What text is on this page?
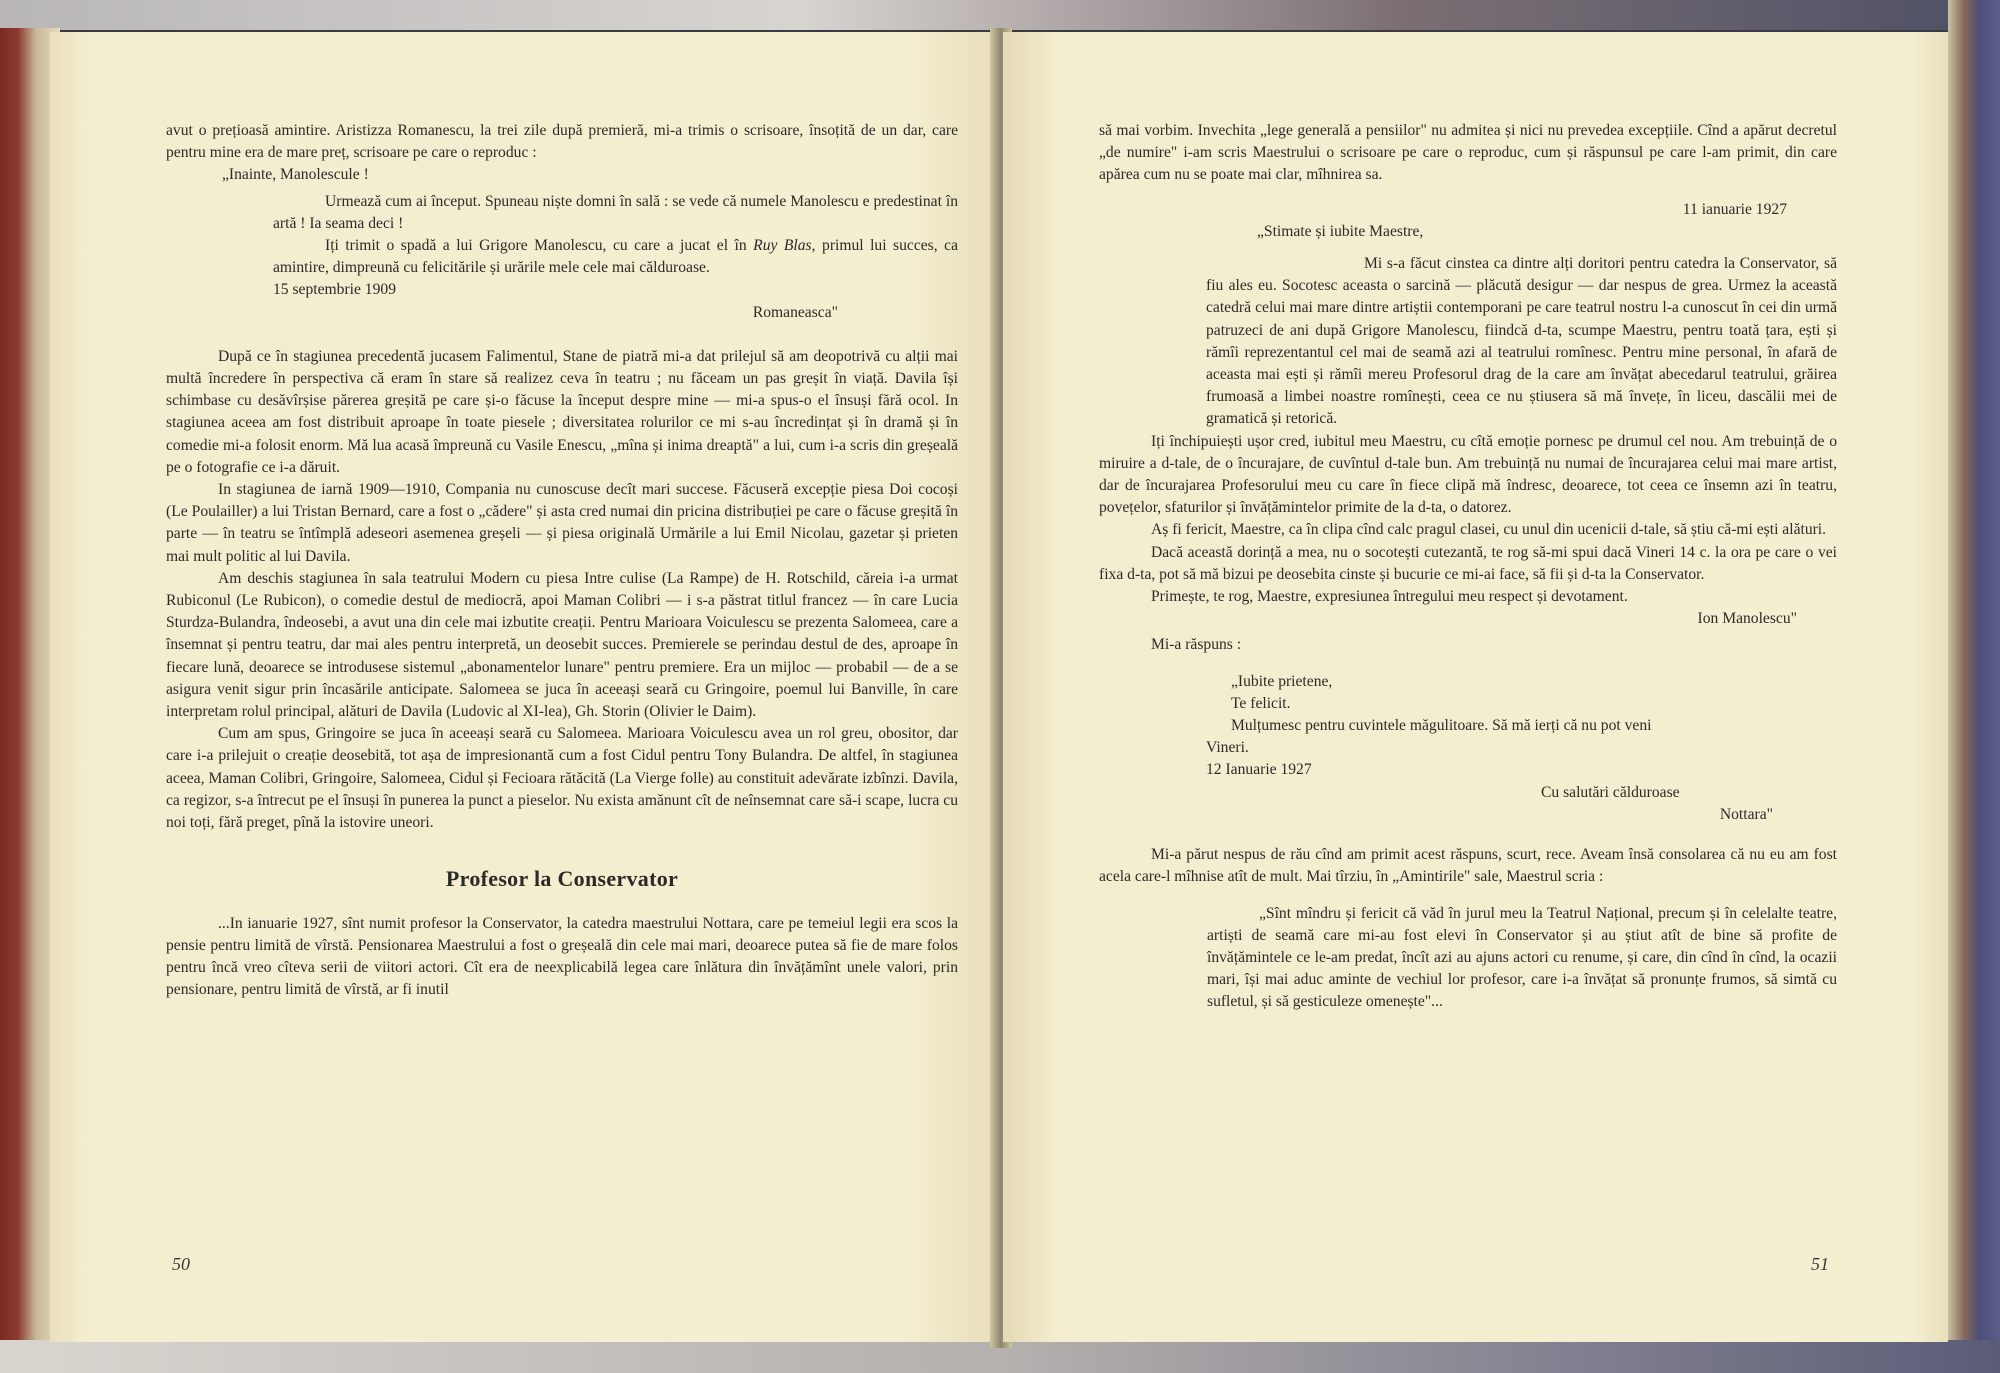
avut o prețioasă amintire. Aristizza Romanescu, la trei zile după premieră, mi-a trimis o scrisoare, însoțită de un dar, care pentru mine era de mare preț, scrisoare pe care o reproduc :

„Inainte, Manolescule !

Urmează cum ai început. Spuneau niște domni în sală : se vede că numele Manolescu e predestinat în artă ! Ia seama deci !

Iți trimit o spadă a lui Grigore Manolescu, cu care a jucat el în Ruy Blas, primul lui succes, ca amintire, dimpreună cu felicitările și urările mele cele mai călduroase.

15 septembrie 1909

Romaneasca"

După ce în stagiunea precedentă jucasem Falimentul, Stane de piatră mi-a dat prilejul să am deopotrivă cu alții mai multă încredere în perspectiva că eram în stare să realizez ceva în teatru ; nu făceam un pas greșit în viață. Davila își schimbase cu desăvîrșise părerea greșită pe care și-o făcuse la început despre mine — mi-a spus-o el însuși fără ocol. In stagiunea aceea am fost distribuit aproape în toate piesele ; diversitatea rolurilor ce mi s-au încredințat și în dramă și în comedie mi-a folosit enorm. Mă lua acasă împreună cu Vasile Enescu, „mîna și inima dreaptă" a lui, cum i-a scris din greșeală pe o fotografie ce i-a dăruit.

In stagiunea de iarnă 1909—1910, Compania nu cunoscuse decît mari succese. Făcuseră excepție piesa Doi cocoși (Le Poulailler) a lui Tristan Bernard, care a fost o „cădere" și asta cred numai din pricina distribuției pe care o făcuse greșită în parte — în teatru se întîmplă adeseori asemenea greșeli — și piesa originală Urmările a lui Emil Nicolau, gazetar și prieten mai mult politic al lui Davila.

Am deschis stagiunea în sala teatrului Modern cu piesa Intre culise (La Rampe) de H. Rotschild, căreia i-a urmat Rubiconul (Le Rubicon), o comedie destul de mediocră, apoi Maman Colibri — i s-a păstrat titlul francez — în care Lucia Sturdza-Bulandra, îndeosebi, a avut una din cele mai izbutite creații. Pentru Marioara Voiculescu se prezenta Salomeea, care a însemnat și pentru teatru, dar mai ales pentru interpretă, un deosebit succes. Premierele se perindau destul de des, aproape în fiecare lună, deoarece se introdusese sistemul „abonamentelor lunare" pentru premiere. Era un mijloc — probabil — de a se asigura venit sigur prin încasările anticipate. Salomeea se juca în aceeași seară cu Gringoire, poemul lui Banville, în care interpretam rolul principal, alături de Davila (Ludovic al XI-lea), Gh. Storin (Olivier le Daim).

Cum am spus, Gringoire se juca în aceeași seară cu Salomeea. Marioara Voiculescu avea un rol greu, obositor, dar care i-a prilejuit o creație deosebită, tot așa de impresionantă cum a fost Cidul pentru Tony Bulandra. De altfel, în stagiunea aceea, Maman Colibri, Gringoire, Salomeea, Cidul și Fecioara rătăcită (La Vierge folle) au constituit adevărate izbînzi. Davila, ca regizor, s-a întrecut pe el însuși în punerea la punct a pieselor. Nu exista amănunt cît de neînsemnat care să-i scape, lucra cu noi toți, fără preget, pînă la istovire uneori.

Profesor la Conservator

...In ianuarie 1927, sînt numit profesor la Conservator, la catedra maestrului Nottara, care pe temeiul legii era scos la pensie pentru limită de vîrstă. Pensionarea Maestrului a fost o greșeală din cele mai mari, deoarece putea să fie de mare folos pentru încă vreo cîteva serii de viitori actori. Cît era de neexplicabilă legea care înlătura din învățămînt unele valori, prin pensionare, pentru limită de vîrstă, ar fi inutil

50

să mai vorbim. Invechita „lege generală a pensiilor" nu admitea și nici nu prevedea excepțiile. Cînd a apărut decretul „de numire" i-am scris Maestrului o scrisoare pe care o reproduc, cum și răspunsul pe care l-am primit, din care apărea cum nu se poate mai clar, mîhnirea sa.

11 ianuarie 1927

„Stimate și iubite Maestre,

Mi s-a făcut cinstea ca dintre alți doritori pentru catedra la Conservator, să fiu ales eu. Socotesc aceasta o sarcină — plăcută desigur — dar nespus de grea. Urmez la această catedră celui mai mare dintre artiștii contemporani pe care teatrul nostru l-a cunoscut în cei din urmă patruzeci de ani după Grigore Manolescu, fiindcă d-ta, scumpe Maestru, pentru toată țara, ești și rămîi reprezentantul cel mai de seamă azi al teatrului romînesc. Pentru mine personal, în afară de aceasta mai ești și rămîi mereu Profesorul drag de la care am învățat abecedarul teatrului, grăirea frumoasă a limbei noastre romînești, ceea ce nu știusera să mă învețe, în liceu, dascălii mei de gramatică și retorică.

Iți închipuiești ușor cred, iubitul meu Maestru, cu cîtă emoție pornesc pe drumul cel nou. Am trebuință de o miruire a d-tale, de o încurajare, de cuvîntul d-tale bun. Am trebuință nu numai de încurajarea celui mai mare artist, dar de încurajarea Profesorului meu cu care în fiece clipă mă îndresc, deoarece, tot ceea ce însemn azi în teatru, povețelor, sfaturilor și învățămintelor primite de la d-ta, o datorez.

Aș fi fericit, Maestre, ca în clipa cînd calc pragul clasei, cu unul din ucenicii d-tale, să știu că-mi ești alături.

Dacă această dorință a mea, nu o socotești cutezantă, te rog să-mi spui dacă Vineri 14 c. la ora pe care o vei fixa d-ta, pot să mă bizui pe deosebita cinste și bucurie ce mi-ai face, să fii și d-ta la Conservator.

Primește, te rog, Maestre, expresiunea întregului meu respect și devotament.

Ion Manolescu"

Mi-a răspuns :

„Iubite prietene,

Te felicit.

Mulțumesc pentru cuvintele măgulitoare. Să mă ierți că nu pot veni

Vineri.

12 Ianuarie 1927

Cu salutări călduroase

Nottara"

Mi-a părut nespus de rău cînd am primit acest răspuns, scurt, rece. Aveam însă consolarea că nu eu am fost acela care-l mîhnise atît de mult. Mai tîrziu, în „Amintirile" sale, Maestrul scria :

„Sînt mîndru și fericit că văd în jurul meu la Teatrul Național, precum și în celelalte teatre, artiști de seamă care mi-au fost elevi în Conservator și au știut atît de bine să profite de învățămintele ce le-am predat, încît azi au ajuns actori cu renume, și care, din cînd în cînd, la ocazii mari, își mai aduc aminte de vechiul lor profesor, care i-a învățat să pronunțe frumos, să simtă cu sufletul, și să gesticuleze omenește"...

51
